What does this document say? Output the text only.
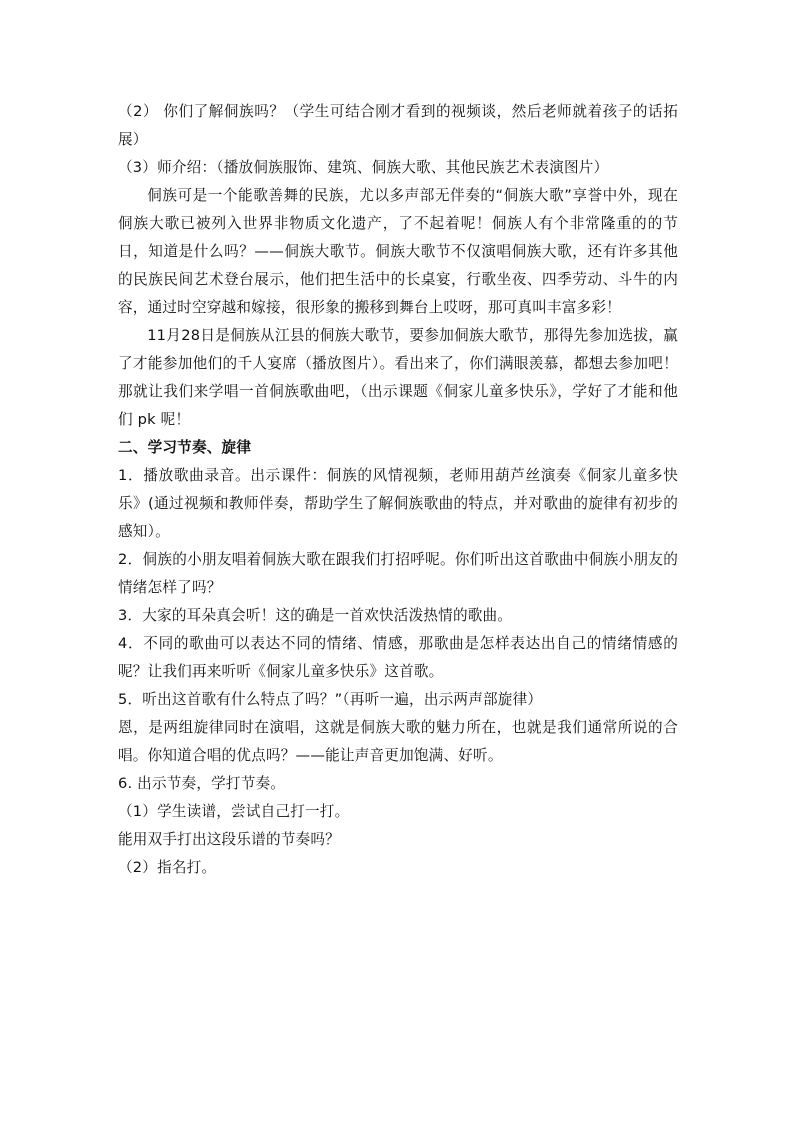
（2） 你们了解侗族吗？（学生可结合刚才看到的视频谈，然后老师就着孩子的话拓展）

（3）师介绍：（播放侗族服饰、建筑、侗族大歌、其他民族艺术表演图片）

侗族可是一个能歌善舞的民族，尤以多声部无伴奏的“侗族大歌”享誉中外，现在侗族大歌已被列入世界非物质文化遗产，了不起着呢！侗族人有个非常隆重的的节日，知道是什么吗？——侗族大歌节。侗族大歌节不仅演唱侗族大歌，还有许多其他的民族民间艺术登台展示，他们把生活中的长桌宴，行歌坐夜、四季劳动、斗牛的内容，通过时空穿越和嫁接，很形象的搬移到舞台上哎呀，那可真叫丰富多彩！

11月28日是侗族从江县的侗族大歌节，要参加侗族大歌节，那得先参加选拔，赢了才能参加他们的千人宴席（播放图片）。看出来了，你们满眼羡慕，都想去参加吧！那就让我们来学唱一首侗族歌曲吧，（出示课题《侗家儿童多快乐》，学好了才能和他们 pk 呢！

二、学习节奏、旋律

1．播放歌曲录音。出示课件：侗族的风情视频，老师用葫芦丝演奏《侗家儿童多快乐》(通过视频和教师伴奏，帮助学生了解侗族歌曲的特点，并对歌曲的旋律有初步的感知）。

2．侗族的小朋友唱着侗族大歌在跟我们打招呼呢。你们听出这首歌曲中侗族小朋友的情绪怎样了吗？

3．大家的耳朵真会听！这的确是一首欢快活泼热情的歌曲。

4．不同的歌曲可以表达不同的情绪、情感，那歌曲是怎样表达出自己的情绪情感的呢？让我们再来听听《侗家儿童多快乐》这首歌。

5．听出这首歌有什么特点了吗？”（再听一遍，出示两声部旋律）

恩，是两组旋律同时在演唱，这就是侗族大歌的魅力所在，也就是我们通常所说的合唱。你知道合唱的优点吗？——能让声音更加饱满、好听。

6. 出示节奏，学打节奏。

（1）学生读谱，尝试自己打一打。

能用双手打出这段乐谱的节奏吗？

（2）指名打。
